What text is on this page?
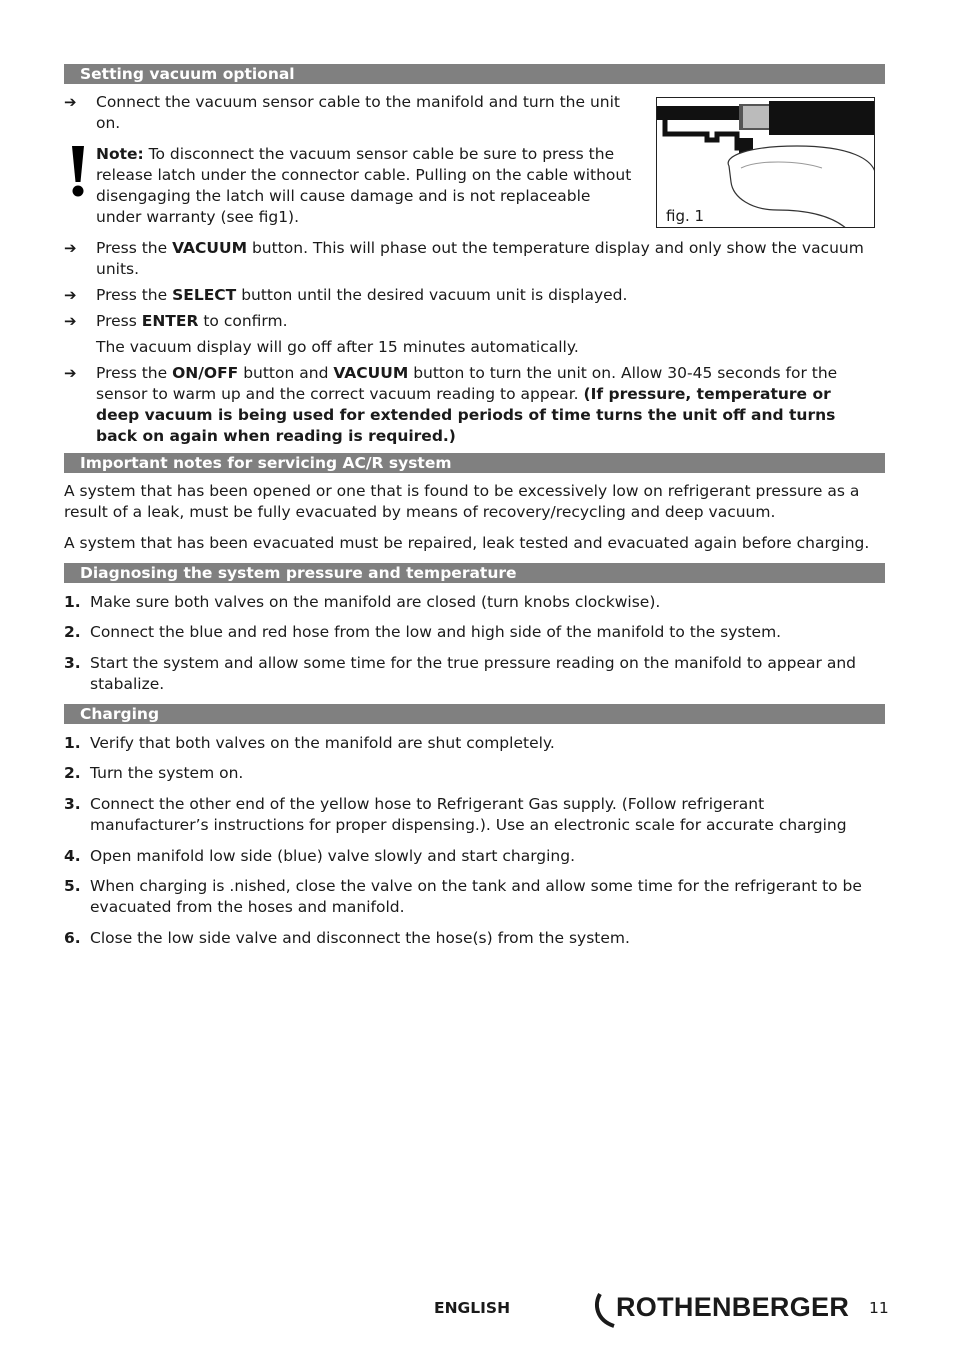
Setting vacuum optional
➔ Connect the vacuum sensor cable to the manifold and turn the unit on.

Note: To disconnect the vacuum sensor cable be sure to press the release latch under the connector cable. Pulling on the cable without disengaging the latch will cause damage and is not replaceable under warranty (see fig1).	fig. 1
➔ Press the VACUUM button. This will phase out the temperature display and only show the vacuum units.

➔ Press the SELECT button until the desired vacuum unit is displayed.

➔ Press ENTER to confirm.

The vacuum display will go off after 15 minutes automatically.

➔ Press the ON/OFF button and VACUUM button to turn the unit on. Allow 30-45 seconds for the sensor to warm up and the correct vacuum reading to appear. (If pressure, temperature or deep vacuum is being used for extended periods of time turns the unit off and turns back on again when reading is required.)

Important notes for servicing AC/R system

A system that has been opened or one that is found to be excessively low on refrigerant pressure as a result of a leak, must be fully evacuated by means of recovery/recycling and deep vacuum.

A system that has been evacuated must be repaired, leak tested and evacuated again before charging.

Diagnosing the system pressure and temperature
1. Make sure both valves on the manifold are closed (turn knobs clockwise).

2. Connect the blue and red hose from the low and high side of the manifold to the system.

3. Start the system and allow some time for the true pressure reading on the manifold to appear and stabalize.

Charging
1. Verify that both valves on the manifold are shut completely.

2. Turn the system on.

3. Connect the other end of the yellow hose to Refrigerant Gas supply. (Follow refrigerant manufacturer’s instructions for proper dispensing.). Use an electronic scale for accurate charging

4. Open manifold low side (blue) valve slowly and start charging.

5. When charging is .nished, close the valve on the tank and allow some time for the refrigerant to be evacuated from the hoses and manifold.

6. Close the low side valve and disconnect the hose(s) from the system.

ENGLISH	ROTHENBERGER 11
